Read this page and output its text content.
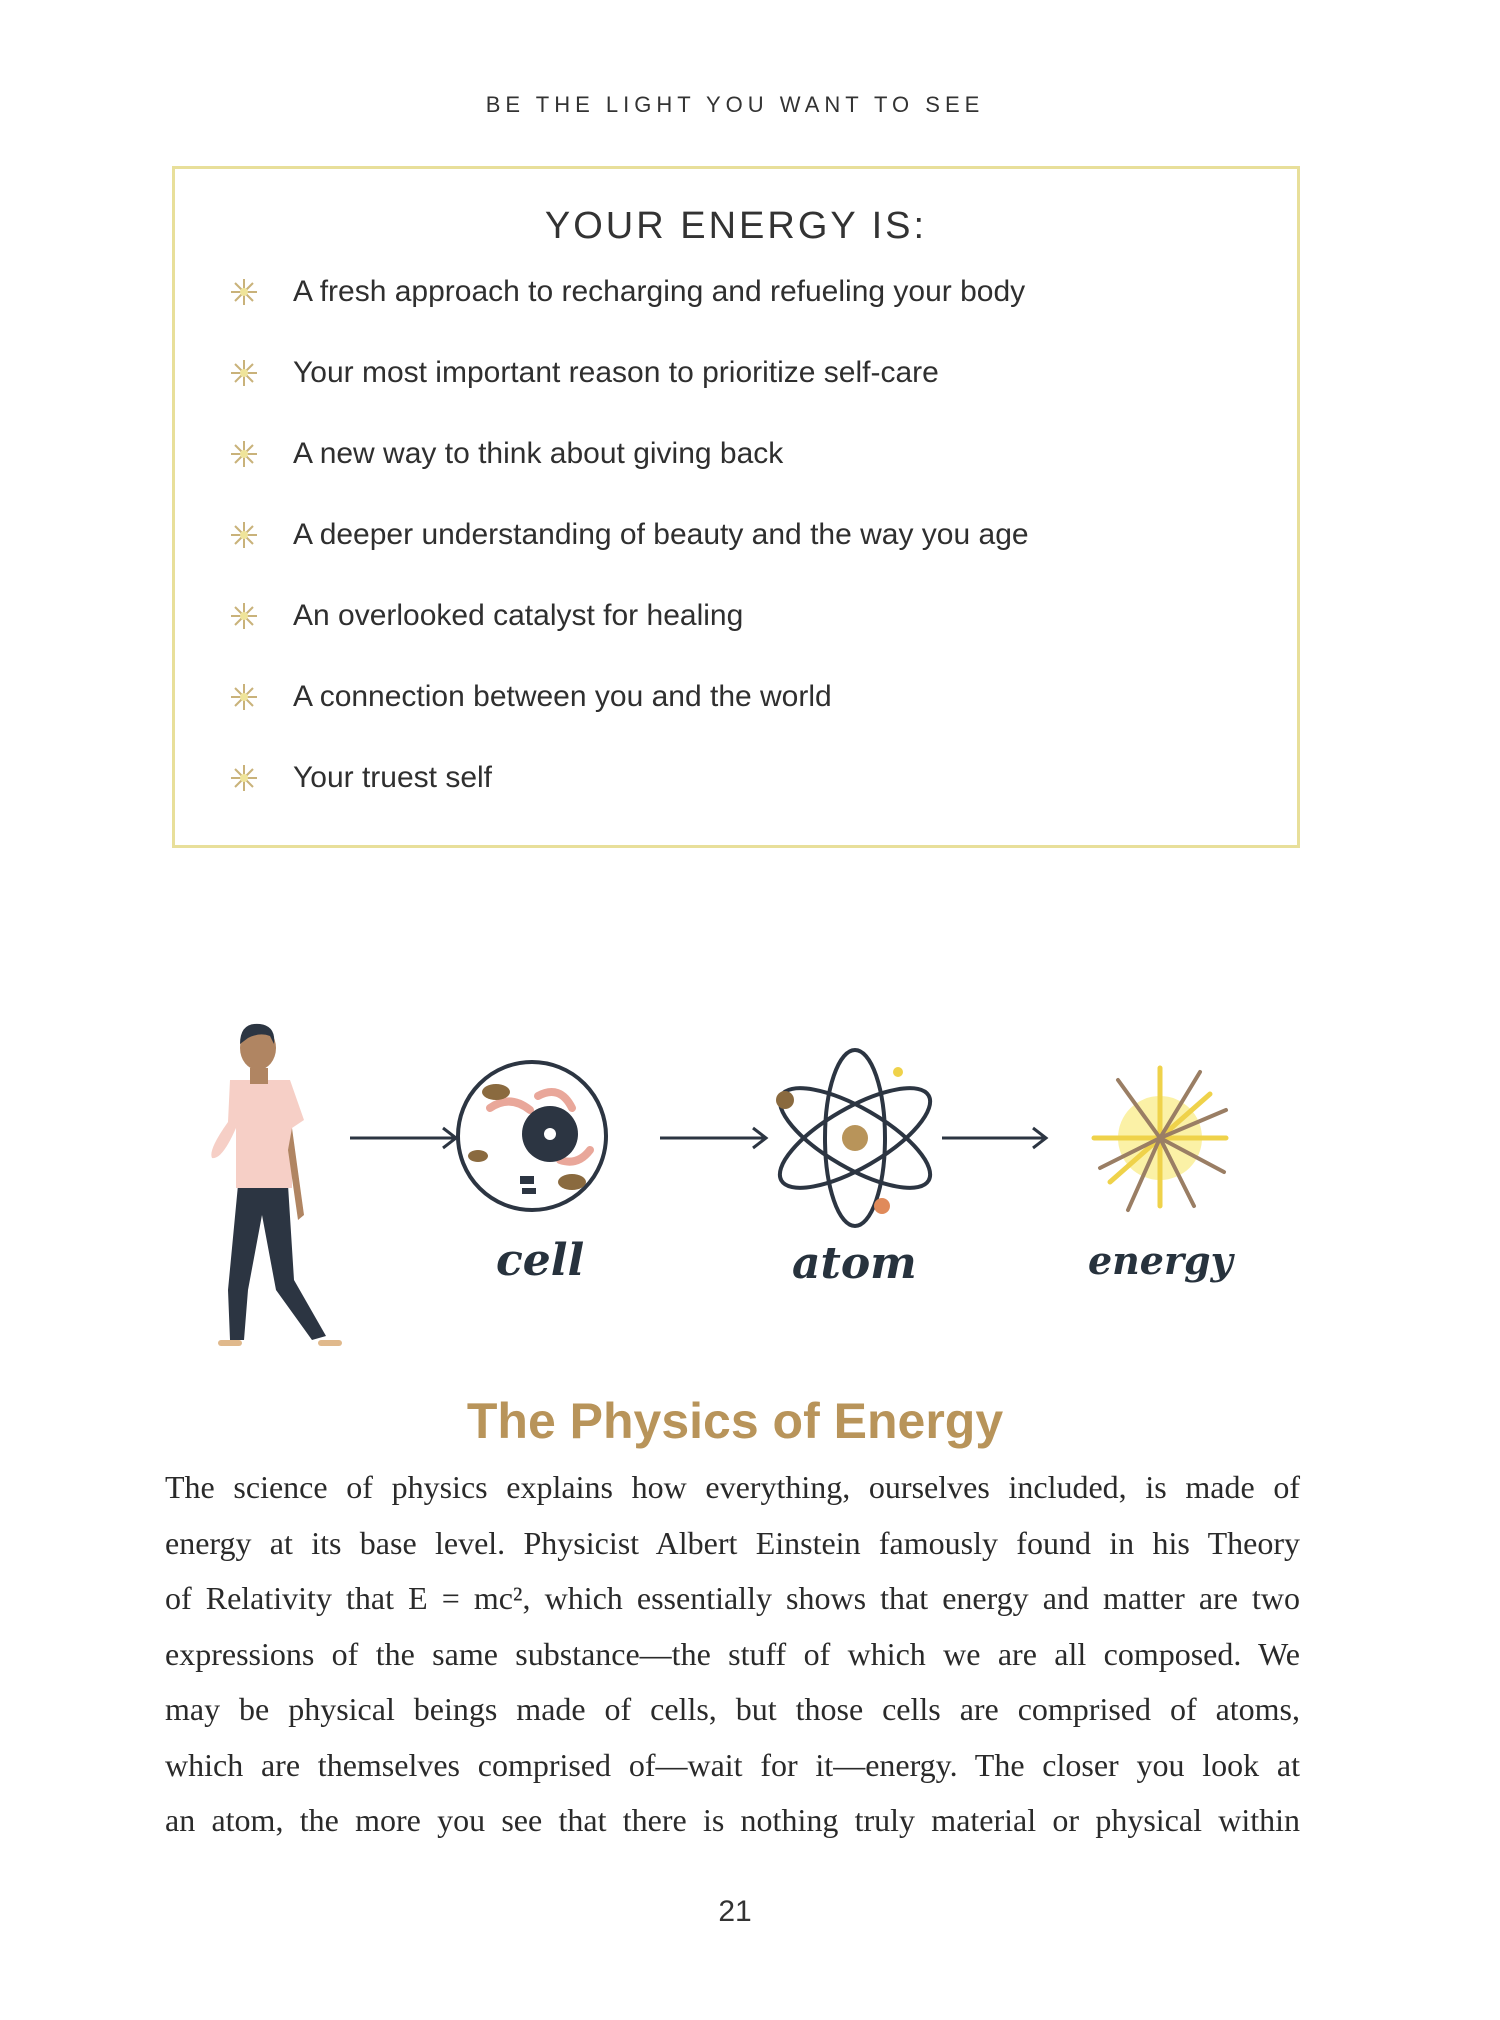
BE THE LIGHT YOU WANT TO SEE
YOUR ENERGY IS:
A fresh approach to recharging and refueling your body
Your most important reason to prioritize self-care
A new way to think about giving back
A deeper understanding of beauty and the way you age
An overlooked catalyst for healing
A connection between you and the world
Your truest self
cell	atom	energy
The Physics of Energy

The science of physics explains how everything, ourselves included, is made of

energy at its base level. Physicist Albert Einstein famously found in his Theory

of Relativity that E = mc², which essentially shows that energy and matter are two

expressions of the same substance—the stuff of which we are all composed. We

may be physical beings made of cells, but those cells are comprised of atoms,

which are themselves comprised of—wait for it—energy. The closer you look at

an atom, the more you see that there is nothing truly material or physical within

21
